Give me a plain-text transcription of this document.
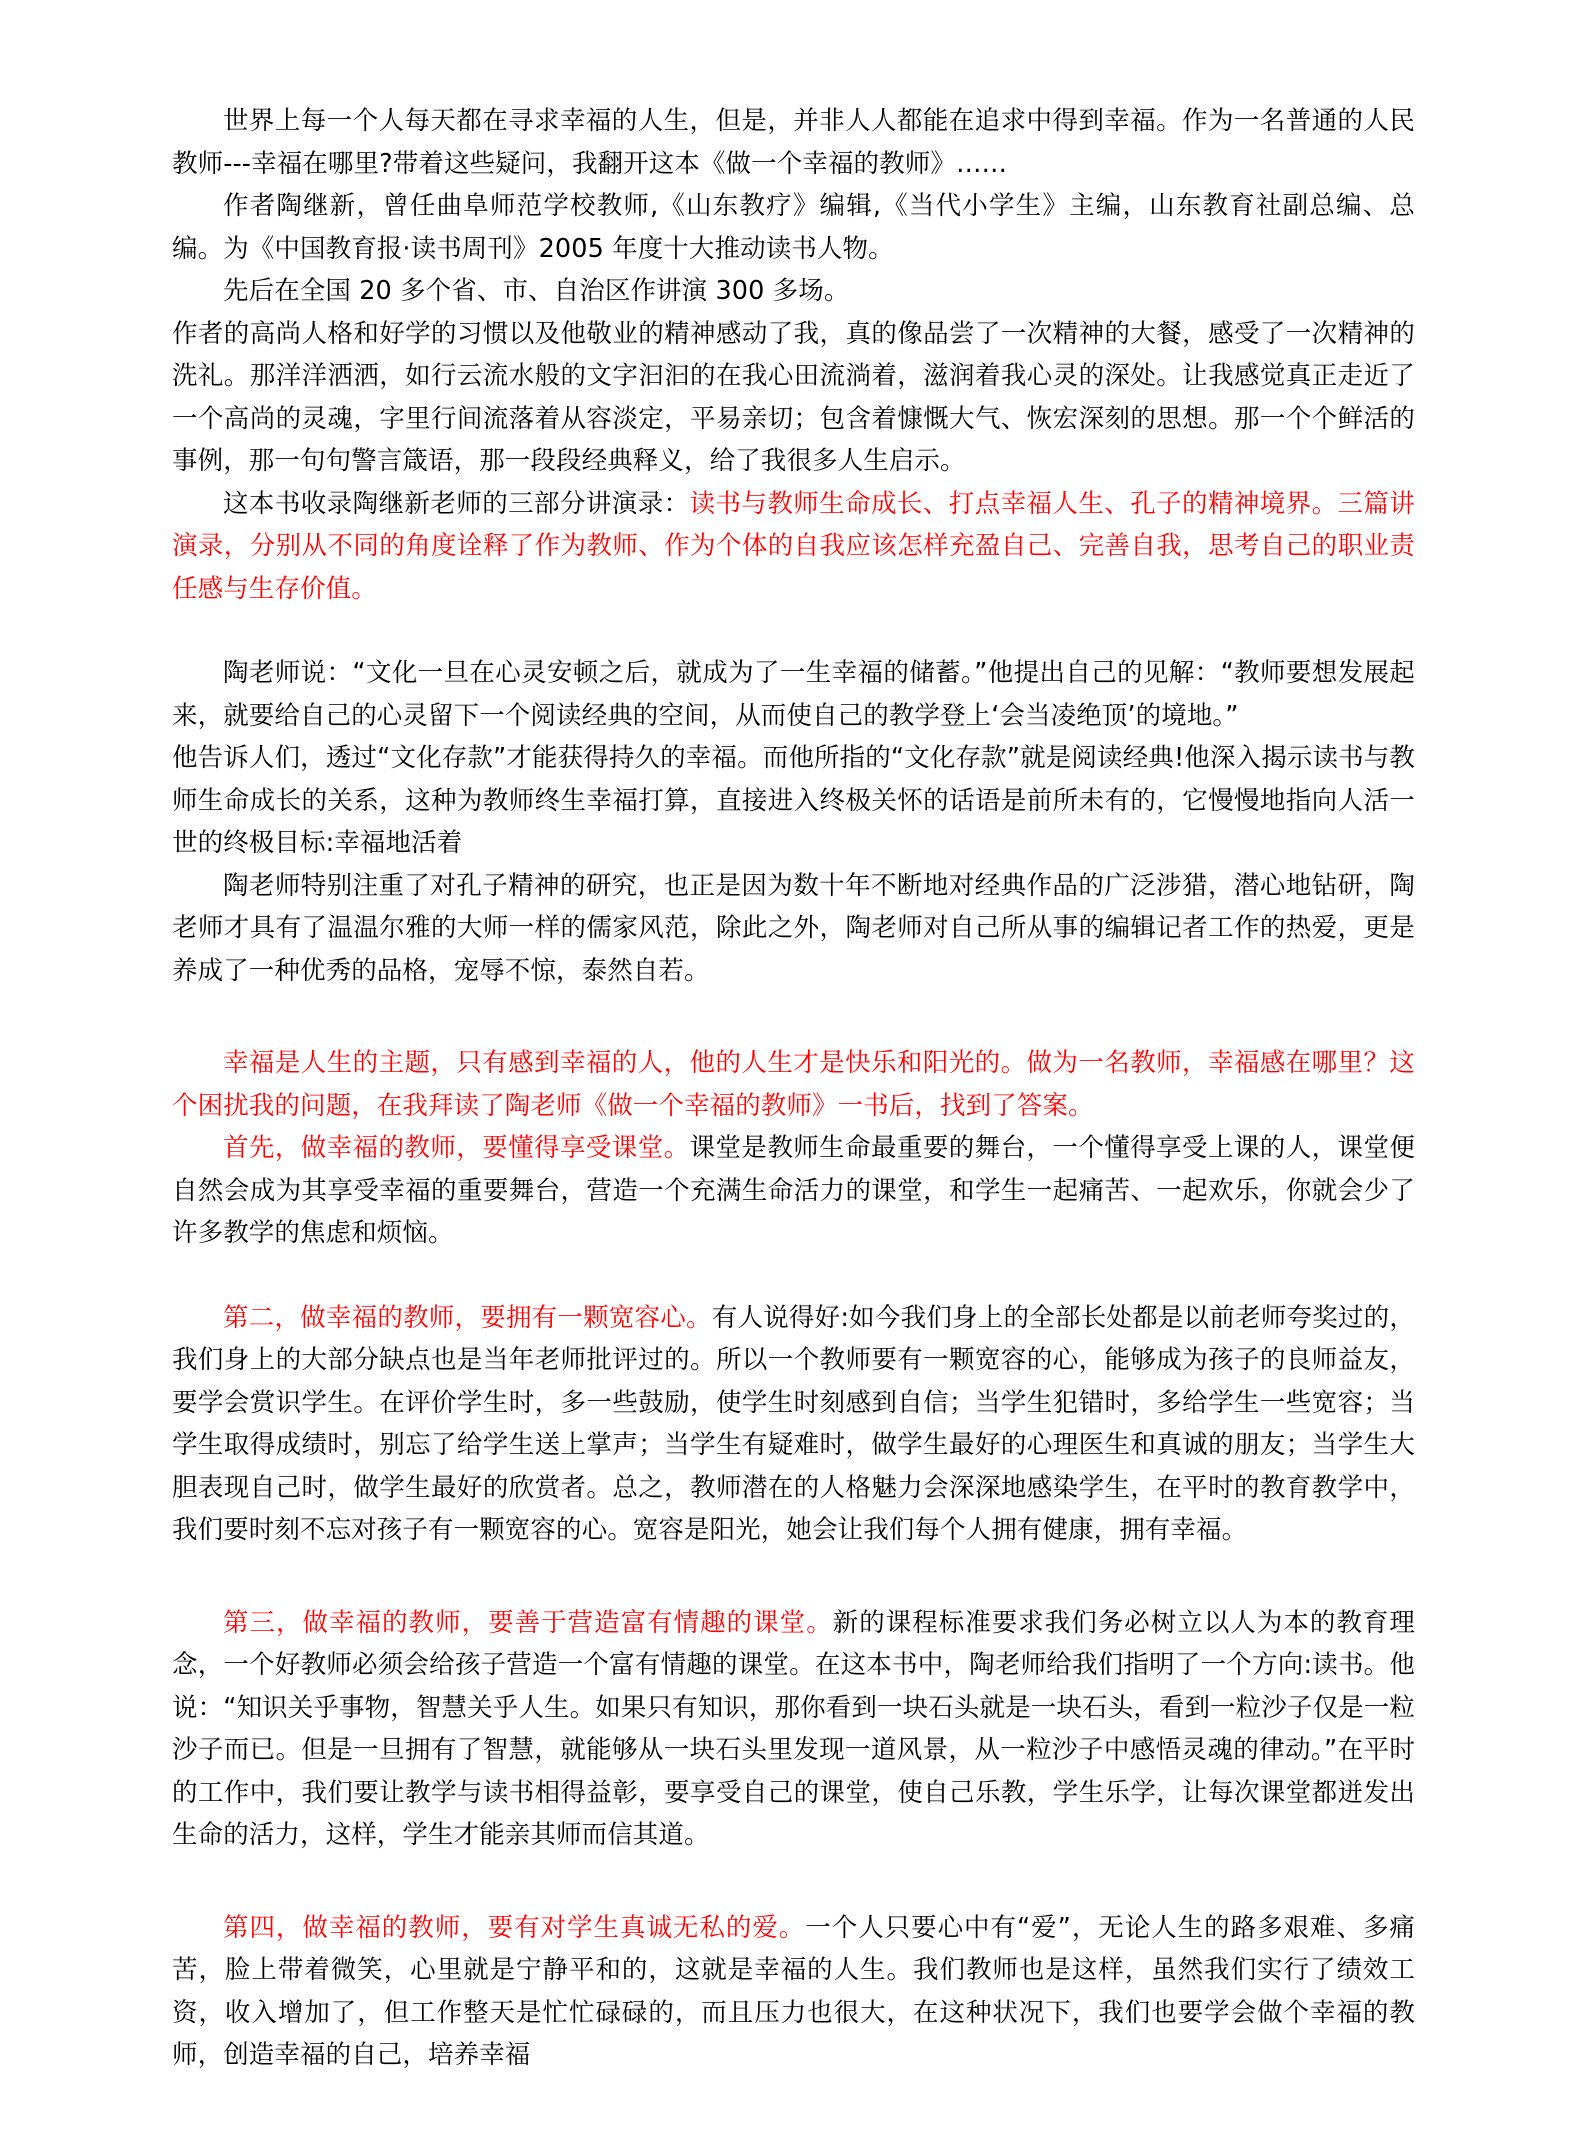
世界上每一个人每天都在寻求幸福的人生，但是，并非人人都能在追求中得到幸福。作为一名普通的人民教师---幸福在哪里?带着这些疑问，我翻开这本《做一个幸福的教师》……

作者陶继新，曾任曲阜师范学校教师,《山东教疗》编辑,《当代小学生》主编，山东教育社副总编、总编。为《中国教育报·读书周刊》2005 年度十大推动读书人物。

先后在全国 20 多个省、市、自治区作讲演 300 多场。

作者的高尚人格和好学的习惯以及他敬业的精神感动了我，真的像品尝了一次精神的大餐，感受了一次精神的洗礼。那洋洋洒洒，如行云流水般的文字汩汩的在我心田流淌着，滋润着我心灵的深处。让我感觉真正走近了一个高尚的灵魂，字里行间流落着从容淡定，平易亲切；包含着慷慨大气、恢宏深刻的思想。那一个个鲜活的事例，那一句句警言箴语，那一段段经典释义，给了我很多人生启示。

这本书收录陶继新老师的三部分讲演录：读书与教师生命成长、打点幸福人生、孔子的精神境界。三篇讲演录，分别从不同的角度诠释了作为教师、作为个体的自我应该怎样充盈自己、完善自我，思考自己的职业责任感与生存价值。

陶老师说：“文化一旦在心灵安顿之后，就成为了一生幸福的储蓄。”他提出自己的见解：“教师要想发展起来，就要给自己的心灵留下一个阅读经典的空间，从而使自己的教学登上‘会当凌绝顶’的境地。”

他告诉人们，透过“文化存款”才能获得持久的幸福。而他所指的“文化存款”就是阅读经典!他深入揭示读书与教师生命成长的关系，这种为教师终生幸福打算，直接进入终极关怀的话语是前所未有的，它慢慢地指向人活一世的终极目标:幸福地活着

陶老师特别注重了对孔子精神的研究，也正是因为数十年不断地对经典作品的广泛涉猎，潜心地钻研，陶老师才具有了温温尔雅的大师一样的儒家风范，除此之外，陶老师对自己所从事的编辑记者工作的热爱，更是养成了一种优秀的品格，宠辱不惊，泰然自若。

幸福是人生的主题，只有感到幸福的人，他的人生才是快乐和阳光的。做为一名教师，幸福感在哪里？这个困扰我的问题，在我拜读了陶老师《做一个幸福的教师》一书后，找到了答案。

首先，做幸福的教师，要懂得享受课堂。课堂是教师生命最重要的舞台，一个懂得享受上课的人，课堂便自然会成为其享受幸福的重要舞台，营造一个充满生命活力的课堂，和学生一起痛苦、一起欢乐，你就会少了许多教学的焦虑和烦恼。

第二，做幸福的教师，要拥有一颗宽容心。有人说得好:如今我们身上的全部长处都是以前老师夸奖过的，我们身上的大部分缺点也是当年老师批评过的。所以一个教师要有一颗宽容的心，能够成为孩子的良师益友，要学会赏识学生。在评价学生时，多一些鼓励，使学生时刻感到自信；当学生犯错时，多给学生一些宽容；当学生取得成绩时，别忘了给学生送上掌声；当学生有疑难时，做学生最好的心理医生和真诚的朋友；当学生大胆表现自己时，做学生最好的欣赏者。总之，教师潜在的人格魅力会深深地感染学生，在平时的教育教学中，我们要时刻不忘对孩子有一颗宽容的心。宽容是阳光，她会让我们每个人拥有健康，拥有幸福。

第三，做幸福的教师，要善于营造富有情趣的课堂。新的课程标准要求我们务必树立以人为本的教育理念，一个好教师必须会给孩子营造一个富有情趣的课堂。在这本书中，陶老师给我们指明了一个方向:读书。他说：“知识关乎事物，智慧关乎人生。如果只有知识，那你看到一块石头就是一块石头，看到一粒沙子仅是一粒沙子而已。但是一旦拥有了智慧，就能够从一块石头里发现一道风景，从一粒沙子中感悟灵魂的律动。”在平时的工作中，我们要让教学与读书相得益彰，要享受自己的课堂，使自己乐教，学生乐学，让每次课堂都迸发出生命的活力，这样，学生才能亲其师而信其道。

第四，做幸福的教师，要有对学生真诚无私的爱。一个人只要心中有“爱”，无论人生的路多艰难、多痛苦，脸上带着微笑，心里就是宁静平和的，这就是幸福的人生。我们教师也是这样，虽然我们实行了绩效工资，收入增加了，但工作整天是忙忙碌碌的，而且压力也很大，在这种状况下，我们也要学会做个幸福的教师，创造幸福的自己，培养幸福
